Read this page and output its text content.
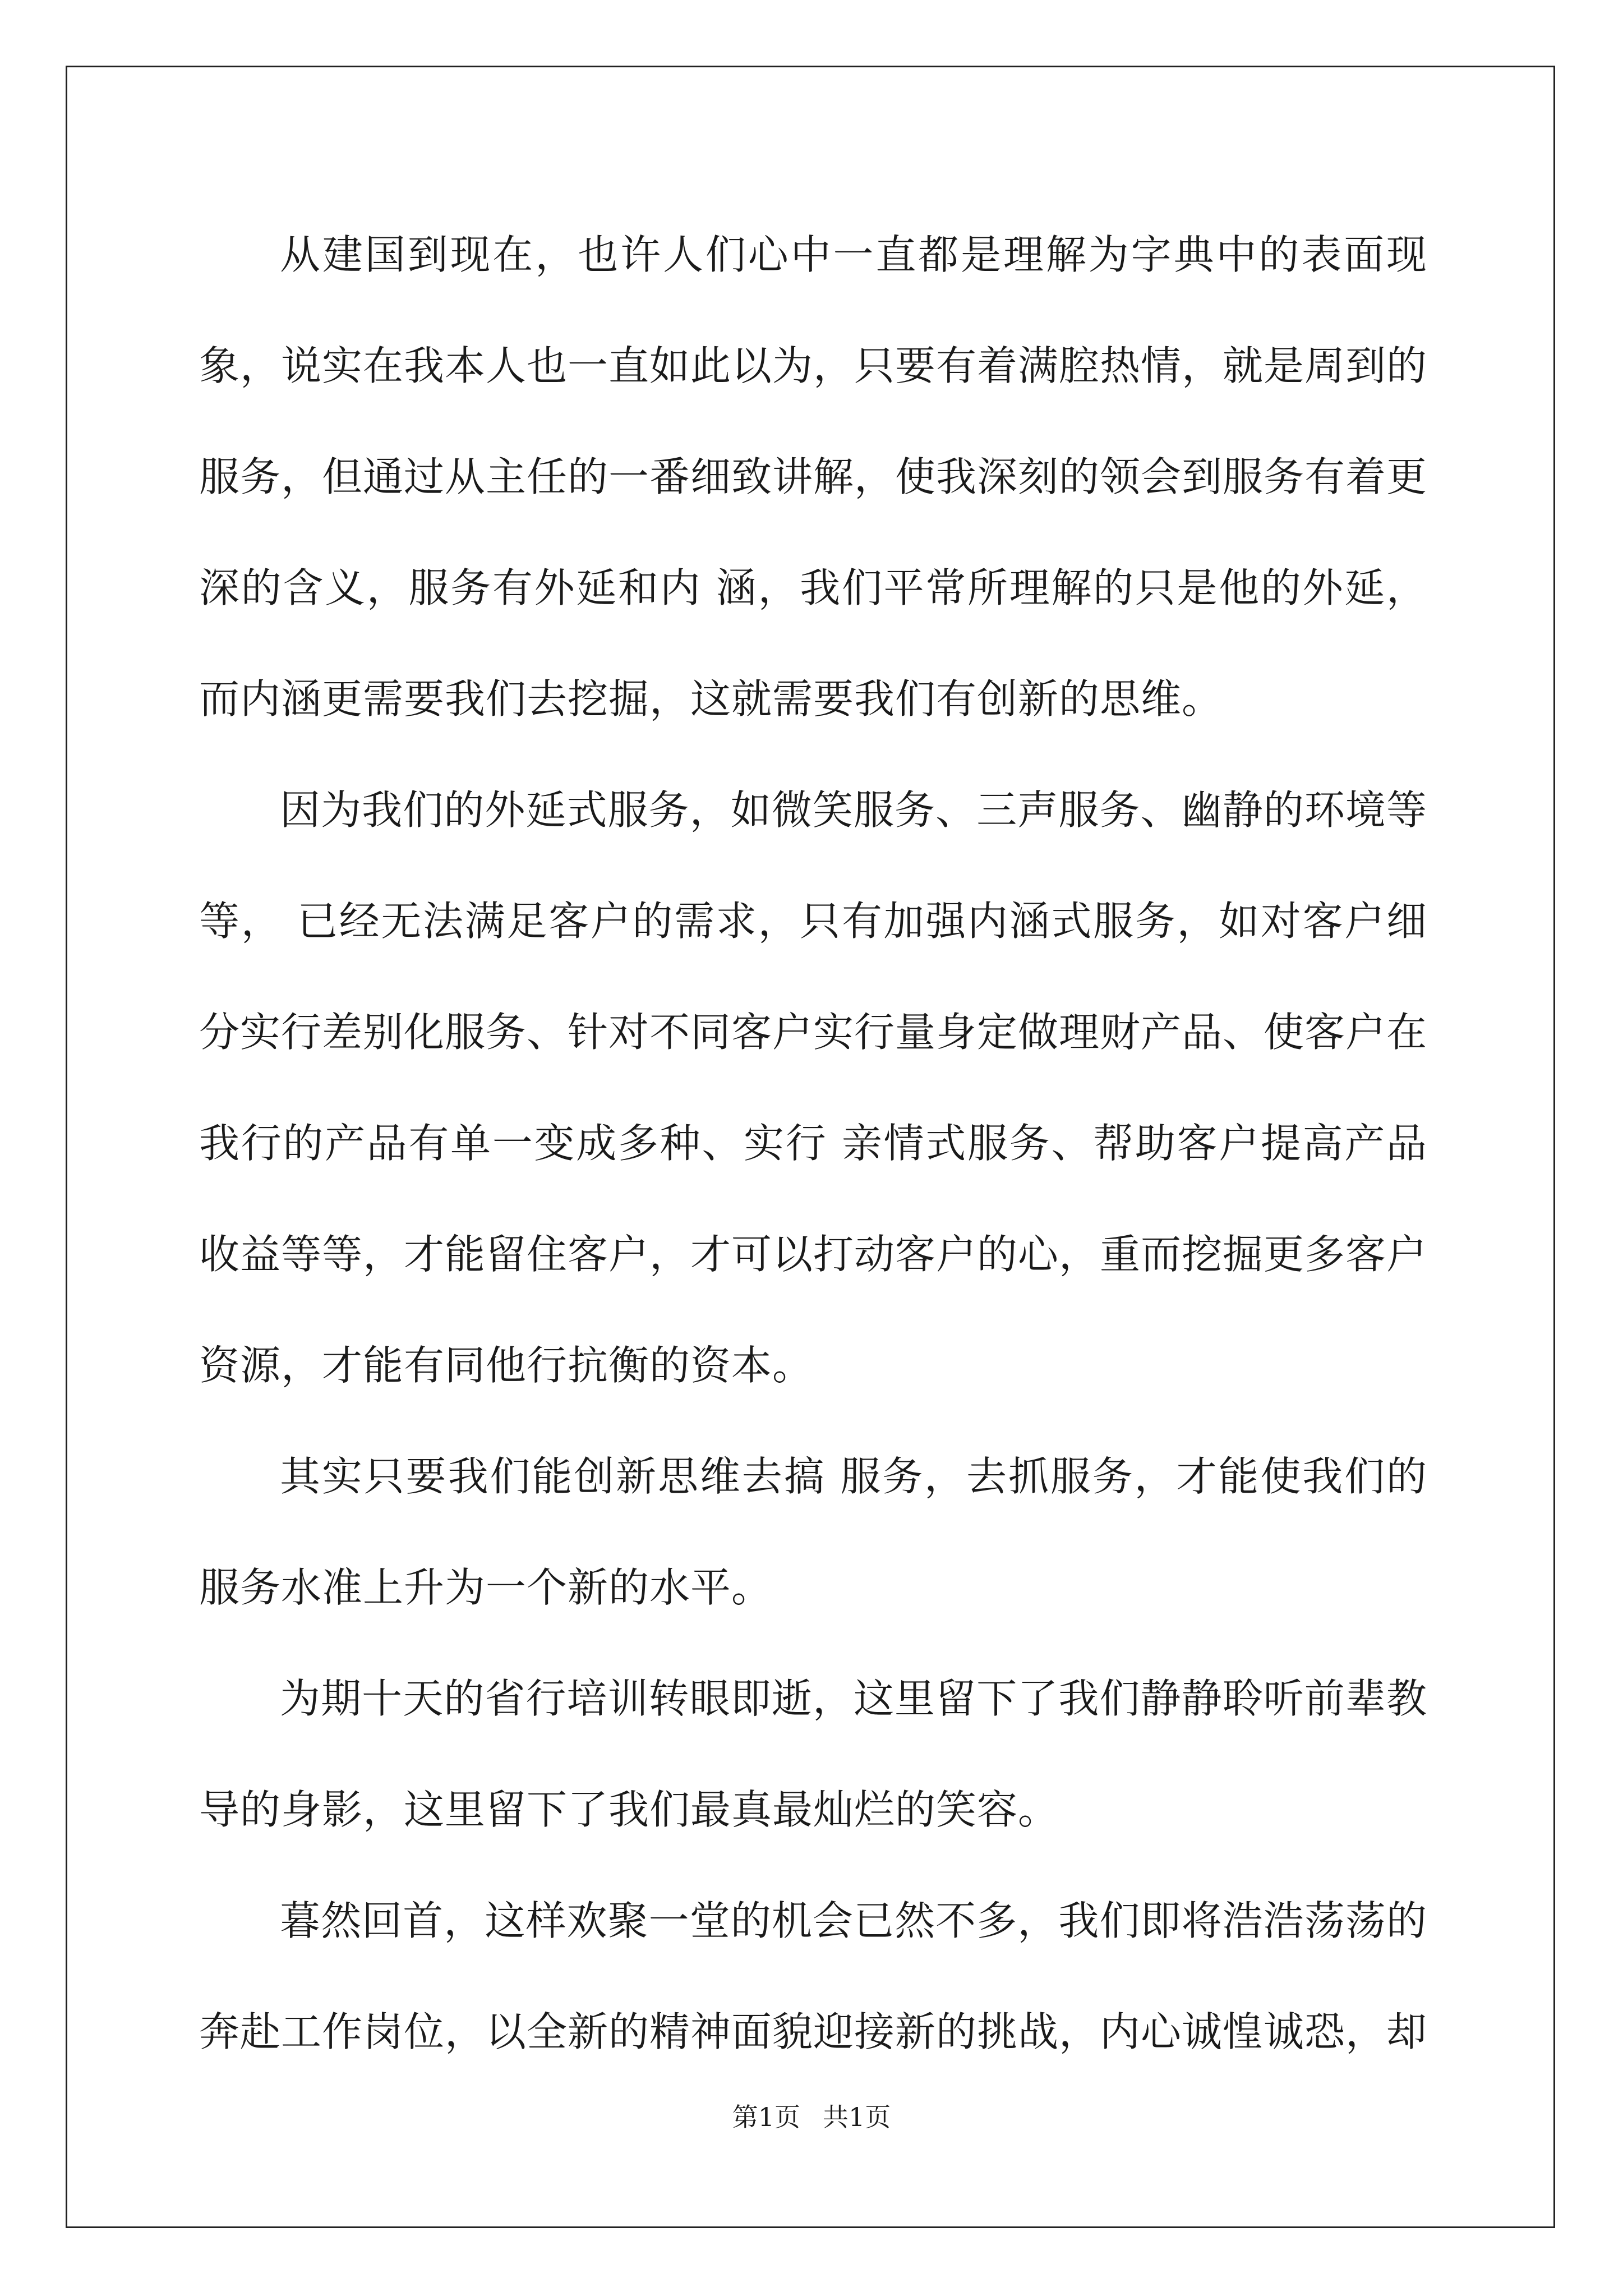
从建国到现在，也许人们心中一直都是理解为字典中的表面现 象，说实在我本人也一直如此以为，只要有着满腔热情，就是周到的服务，但通过从主任的一番细致讲解，使我深刻的领会到服务有着更深的含义，服务有外延和内 涵，我们平常所理解的只是他的外延，而内涵更需要我们去挖掘，这就需要我们有创新的思维。

因为我们的外延式服务，如微笑服务、三声服务、幽静的环境等等， 已经无法满足客户的需求，只有加强内涵式服务，如对客户细分实行差别化服务、针对不同客户实行量身定做理财产品、使客户在我行的产品有单一变成多种、实行 亲情式服务、帮助客户提高产品收益等等，才能留住客户，才可以打动客户的心，重而挖掘更多客户资源，才能有同他行抗衡的资本。

其实只要我们能创新思维去搞 服务，去抓服务，才能使我们的服务水准上升为一个新的水平。

为期十天的省行培训转眼即逝，这里留下了我们静静聆听前辈教导的身影，这里留下了我们最真最灿烂的笑容。

暮然回首，这样欢聚一堂的机会已然不多，我们即将浩浩荡荡的奔赴工作岗位，以全新的精神面貌迎接新的挑战，内心诚惶诚恐，却

第1页 共1页
